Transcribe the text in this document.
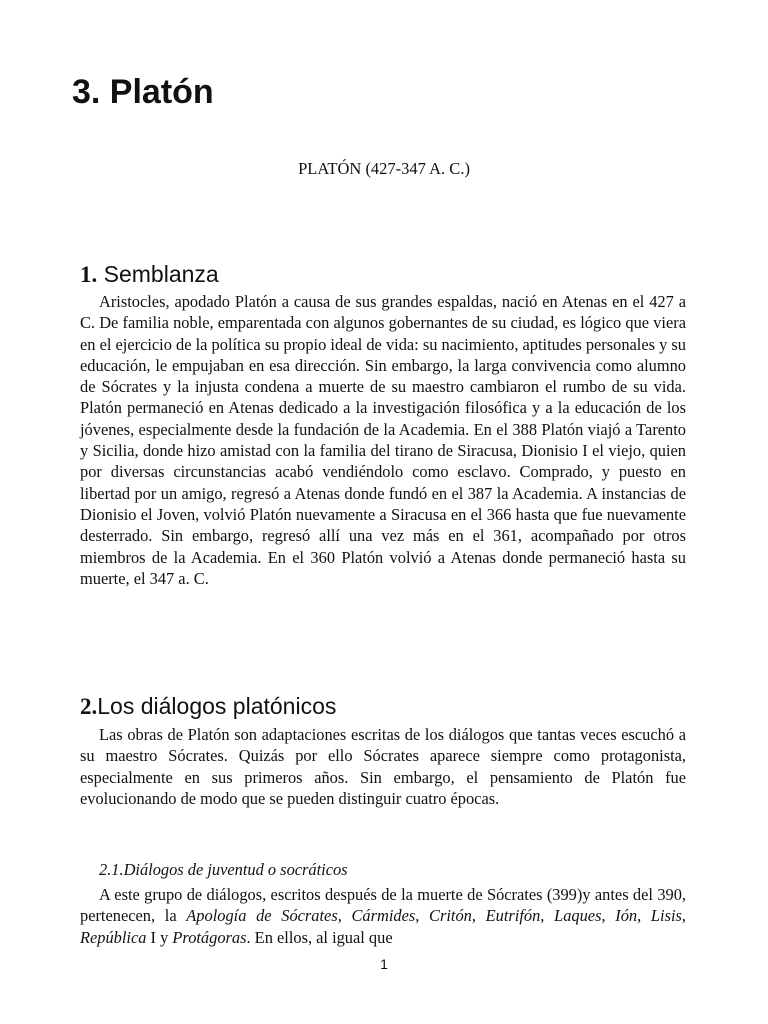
3. Platón
PLATÓN (427-347 A. C.)
1. Semblanza

Aristocles, apodado Platón a causa de sus grandes espaldas, nació en Atenas en el 427 a C. De familia noble, emparentada con algunos gobernantes de su ciudad, es lógico que viera en el ejercicio de la política su propio ideal de vida: su nacimiento, aptitudes personales y su educación, le empujaban en esa dirección. Sin embargo, la larga convivencia como alumno de Sócrates y la injusta condena a muerte de su maestro cambiaron el rumbo de su vida. Platón permaneció en Atenas dedicado a la investigación filosófica y a la educación de los jóvenes, especialmente desde la fundación de la Academia. En el 388 Platón viajó a Tarento y Sicilia, donde hizo amistad con la familia del tirano de Siracusa, Dionisio I el viejo, quien por diversas circunstancias acabó vendiéndolo como esclavo. Comprado, y puesto en libertad por un amigo, regresó a Atenas donde fundó en el 387 la Academia. A instancias de Dionisio el Joven, volvió Platón nuevamente a Siracusa en el 366 hasta que fue nuevamente desterrado. Sin embargo, regresó allí una vez más en el 361, acompañado por otros miembros de la Academia. En el 360 Platón volvió a Atenas donde permaneció hasta su muerte, el 347 a. C.

2.Los diálogos platónicos

Las obras de Platón son adaptaciones escritas de los diálogos que tantas veces escuchó a su maestro Sócrates. Quizás por ello Sócrates aparece siempre como protagonista, especialmente en sus primeros años. Sin embargo, el pensamiento de Platón fue evolucionando de modo que se pueden distinguir cuatro épocas.

2.1.Diálogos de juventud o socráticos

A este grupo de diálogos, escritos después de la muerte de Sócrates (399)y antes del 390, pertenecen, la Apología de Sócrates, Cármides, Critón, Eutrifón, Laques, Ión, Lisis, República I y Protágoras. En ellos, al igual que

1
